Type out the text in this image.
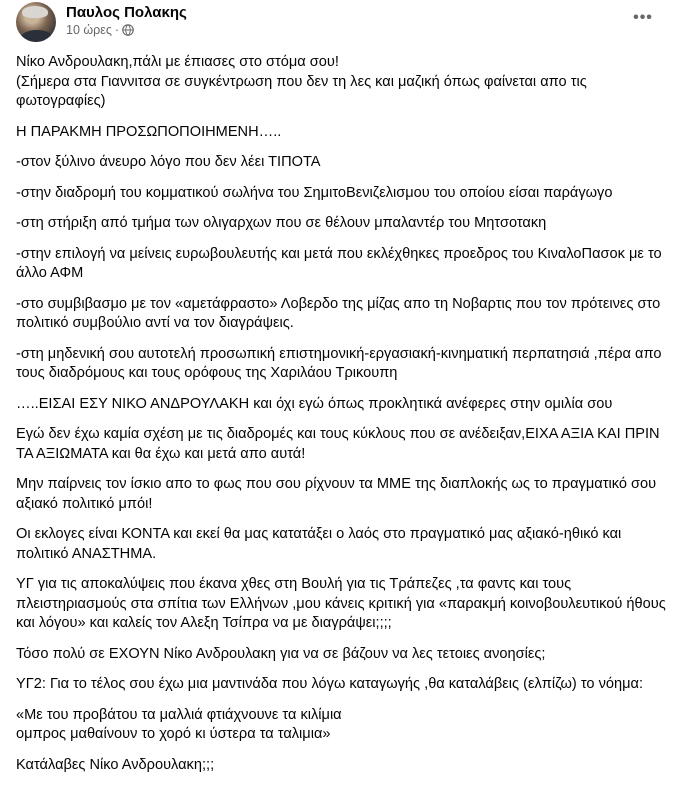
Παυλος Πολακης
10 ώρες ·
•••

Νίκο Ανδρουλακη,πάλι με έπιασες στο στόμα σου!
(Σήμερα στα Γιαννιτσα σε συγκέντρωση που δεν τη λες και μαζική όπως φαίνεται απο τις φωτογραφίες)

Η ΠΑΡΑΚΜΗ ΠΡΟΣΩΠΟΠΟΙΗΜΕΝΗ…..

-στον ξύλινο άνευρο λόγο που δεν λέει ΤΙΠΟΤΑ

-στην διαδρομή του κομματικού σωλήνα του ΣημιτοΒενιζελισμου του οποίου είσαι παράγωγο

-στη στήριξη από τμήμα των ολιγαρχων που σε θέλουν μπαλαντέρ του Μητσοτακη

-στην επιλογή να μείνεις ευρωβουλευτής και μετά που εκλέχθηκες προεδρος του ΚιναλοΠασοκ με το άλλο ΑΦΜ

-στο συμβιβασμο με τον «αμετάφραστο» Λοβερδο της μίζας απο τη Νοβαρτις που τον πρότεινες στο πολιτικό συμβούλιο αντί να τον διαγράψεις.

-στη μηδενική σου αυτοτελή προσωπική επιστημονική-εργασιακή-κινηματική περπατησιά ,πέρα απο τους διαδρόμους και τους ορόφους της Χαριλάου Τρικουπη

…..ΕΙΣΑΙ ΕΣΥ ΝΙΚΟ ΑΝΔΡΟΥΛΑΚΗ και όχι εγώ όπως προκλητικά ανέφερες στην ομιλία σου

Εγώ δεν έχω καμία σχέση με τις διαδρομές και τους κύκλους που σε ανέδειξαν,ΕΙΧΑ ΑΞΙΑ ΚΑΙ ΠΡΙΝ ΤΑ ΑΞΙΩΜΑΤΑ και θα έχω και μετά απο αυτά!

Μην παίρνεις τον ίσκιο απο το φως που σου ρίχνουν τα ΜΜΕ της διαπλοκής ως το πραγματικό σου αξιακό πολιτικό μπόι!

Οι εκλογες είναι ΚΟΝΤΑ και εκεί θα μας κατατάξει ο λαός στο πραγματικό μας αξιακό-ηθικό και πολιτικό ΑΝΑΣΤΗΜΑ.

ΥΓ για τις αποκαλύψεις που έκανα χθες στη Βουλή για τις Τράπεζες ,τα φαντς και τους πλειστηριασμούς στα σπίτια των Ελλήνων ,μου κάνεις κριτική για «παρακμή κοινοβουλευτικού ήθους και λόγου» και καλείς τον Αλεξη Τσίπρα να με διαγράψει;;;;

Τόσο πολύ σε ΕΧΟΥΝ Νίκο Ανδρουλακη για να σε βάζουν να λες τετοιες ανοησίες;

ΥΓ2: Για το τέλος σου έχω μια μαντινάδα που λόγω καταγωγής ,θα καταλάβεις (ελπίζω) το νόημα:

«Με του προβάτου τα μαλλιά φτιάχνουνε τα κιλίμια
ομπρος μαθαίνουν το χορό κι ύστερα τα ταλιμια»

Κατάλαβες Νίκο Ανδρουλακη;;;
